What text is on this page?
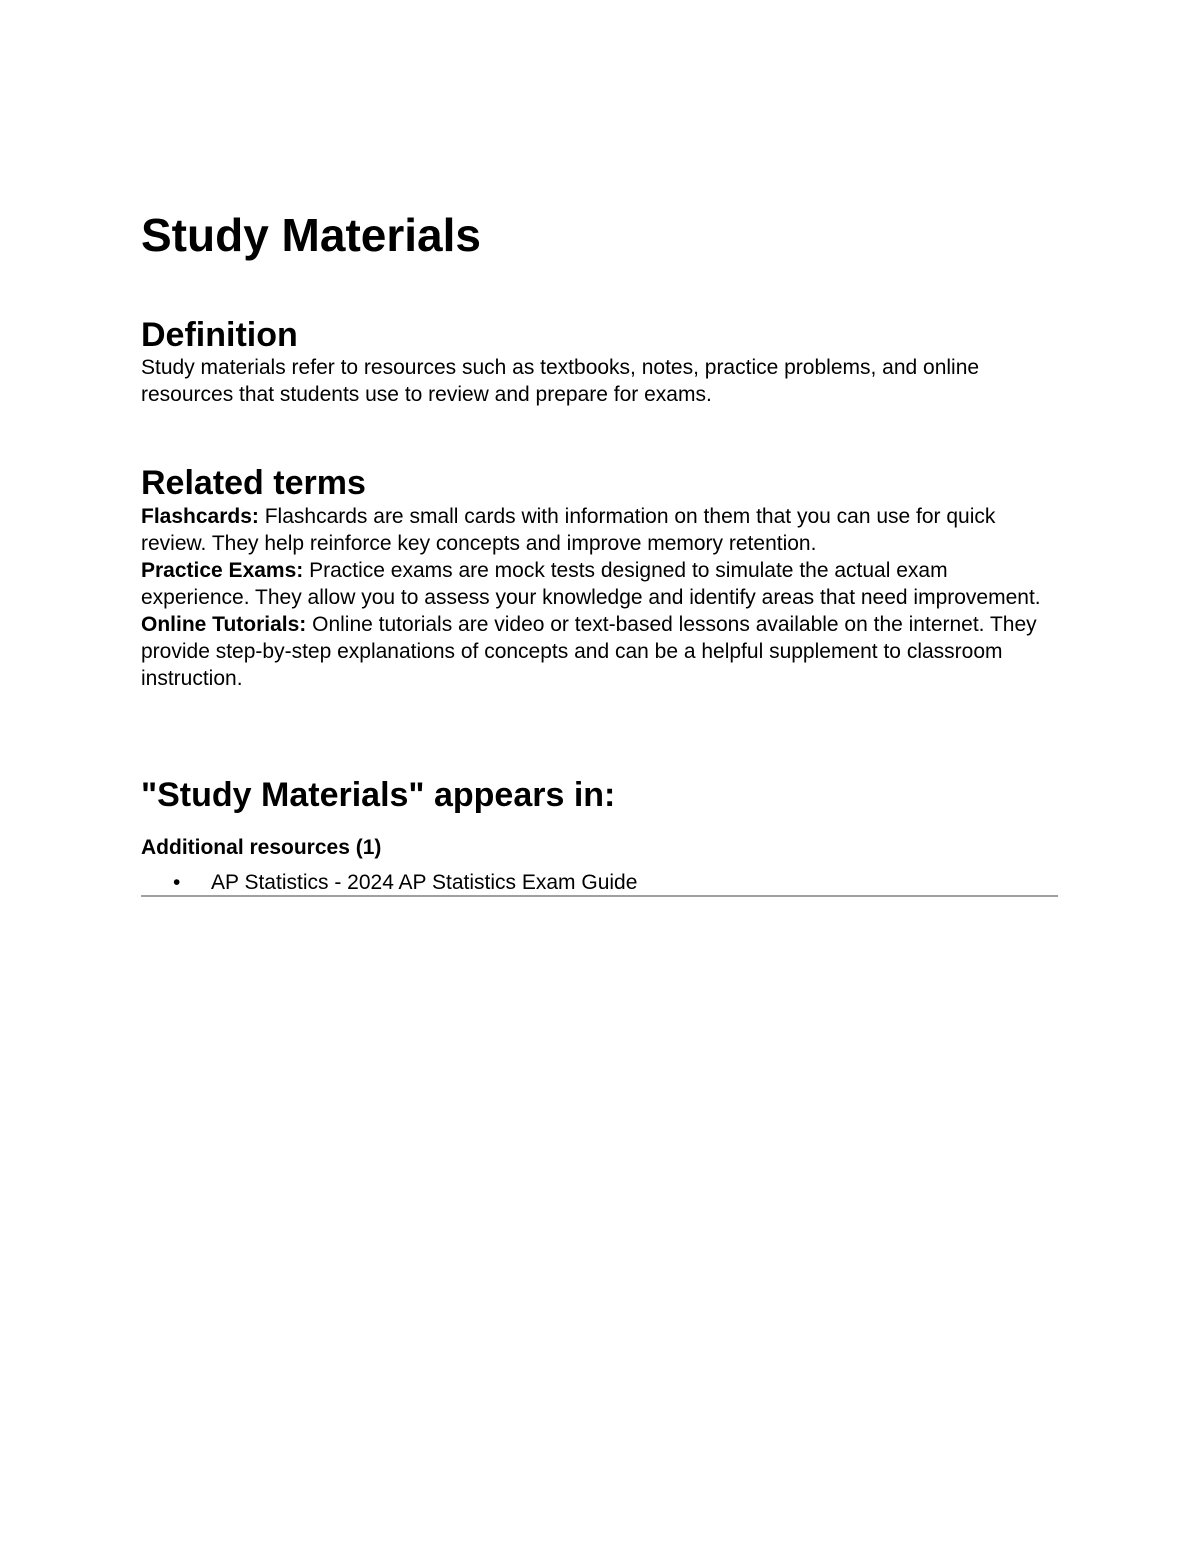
Study Materials
Definition

Study materials refer to resources such as textbooks, notes, practice problems, and online resources that students use to review and prepare for exams.

Related terms

Flashcards: Flashcards are small cards with information on them that you can use for quick review. They help reinforce key concepts and improve memory retention.

Practice Exams: Practice exams are mock tests designed to simulate the actual exam experience. They allow you to assess your knowledge and identify areas that need improvement.

Online Tutorials: Online tutorials are video or text-based lessons available on the internet. They provide step-by-step explanations of concepts and can be a helpful supplement to classroom instruction.

"Study Materials" appears in:

Additional resources (1)

• AP Statistics - 2024 AP Statistics Exam Guide
